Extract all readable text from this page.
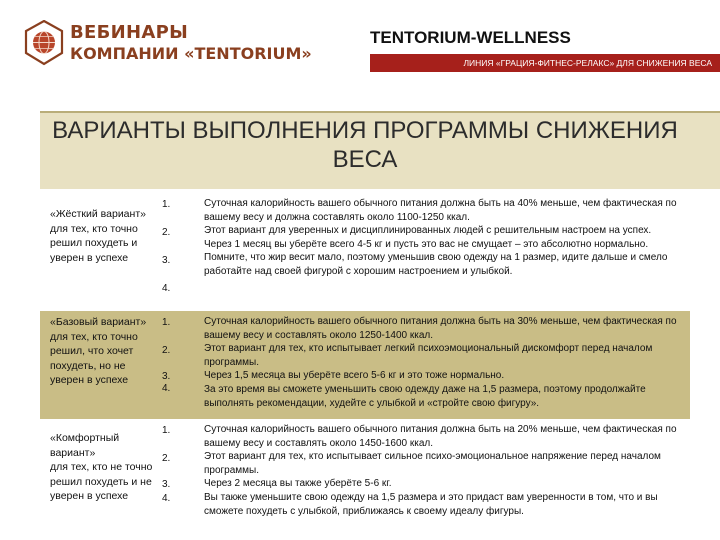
ВЕБИНАРЫ
КОМПАНИИ «TENTORIUM»
TENTORIUM-WELLNESS
ЛИНИЯ «ГРАЦИЯ-ФИТНЕС-РЕЛАКС» ДЛЯ СНИЖЕНИЯ ВЕСА
ВАРИАНТЫ ВЫПОЛНЕНИЯ ПРОГРАММЫ СНИЖЕНИЯ ВЕСА
«Жёсткий вариант»
для тех, кто точно решил похудеть и уверен в успехе
1.
2.
3.
4.

Суточная калорийность вашего обычного питания должна быть на 40% меньше, чем фактическая по вашему весу и должна составлять около 1100-1250 ккал.

Этот вариант для уверенных и дисциплинированных людей с решительным настроем на успех.

Через 1 месяц вы уберёте всего 4-5 кг и пусть это вас не смущает – это абсолютно нормально.

Помните, что жир весит мало, поэтому уменьшив свою одежду на 1 размер, идите дальше и смело работайте над своей фигурой с хорошим настроением и улыбкой.

«Базовый вариант»
для тех, кто точно решил, что хочет похудеть, но не уверен в успехе
1.
2.
3.
4.

Суточная калорийность вашего обычного питания должна быть на 30% меньше, чем фактическая по вашему весу и составлять около 1250-1400 ккал.

Этот вариант для тех, кто испытывает легкий психоэмоциональный дискомфорт перед началом программы.

Через 1,5 месяца вы уберёте всего 5-6 кг и это тоже нормально.

За это время вы сможете уменьшить свою одежду даже на 1,5 размера, поэтому продолжайте выполнять рекомендации, худейте с улыбкой и «стройте свою фигуру».

«Комфортный вариант»
для тех, кто не точно решил похудеть и не уверен в успехе
1.
2.
3.
4.

Суточная калорийность вашего обычного питания должна быть на 20% меньше, чем фактическая по вашему весу и составлять около 1450-1600 ккал.

Этот вариант для тех, кто испытывает сильное психо-эмоциональное напряжение перед началом программы.

Через 2 месяца вы также уберёте 5-6 кг.

Вы также уменьшите свою одежду на 1,5 размера и это придаст вам уверенности в том, что и вы сможете похудеть с улыбкой, приближаясь к своему идеалу фигуры.
